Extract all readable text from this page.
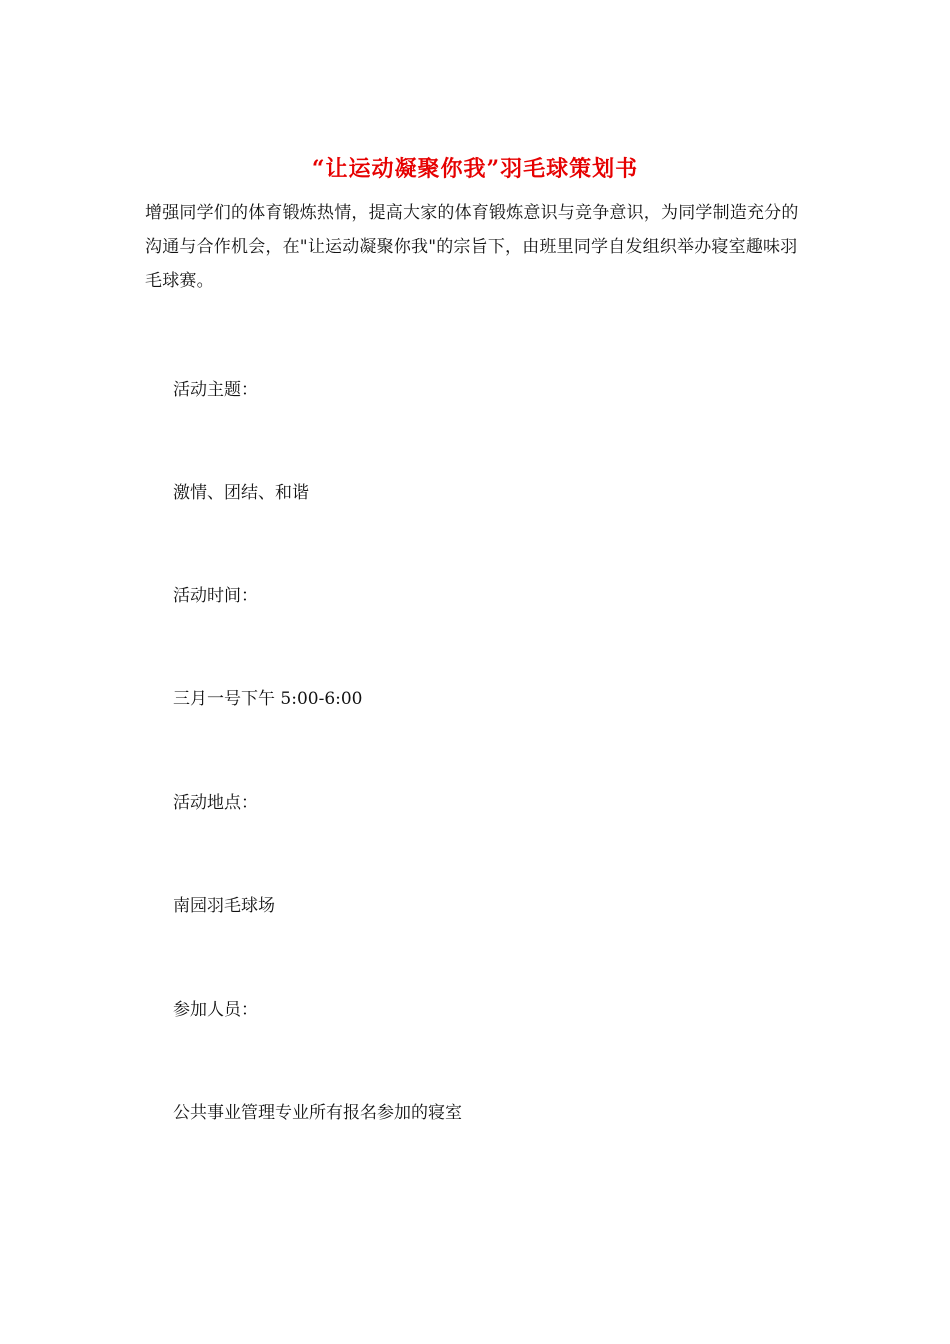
“让运动凝聚你我”羽毛球策划书

增强同学们的体育锻炼热情，提高大家的体育锻炼意识与竞争意识，为同学制造充分的沟通与合作机会，在"让运动凝聚你我"的宗旨下，由班里同学自发组织举办寝室趣味羽毛球赛。

活动主题：

激情、团结、和谐

活动时间：

三月一号下午 5:00-6:00

活动地点：

南园羽毛球场

参加人员：

公共事业管理专业所有报名参加的寝室
